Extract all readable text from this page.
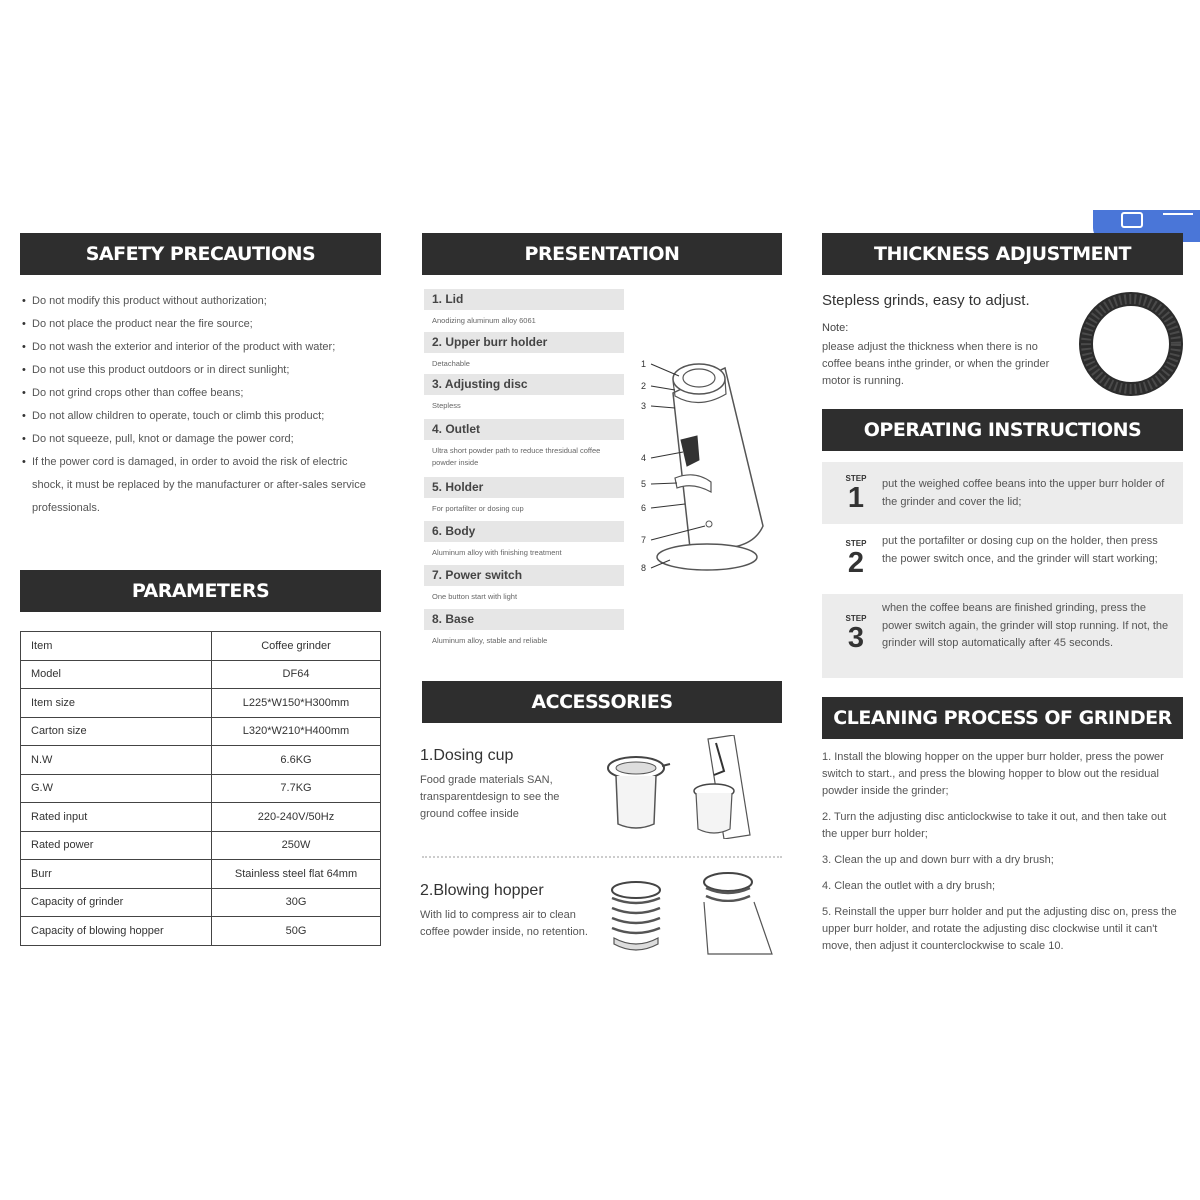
SAFETY PRECAUTIONS
• Do not modify this product without authorization;
• Do not place the product near the fire source;
• Do not wash the exterior and interior of the product with water;
• Do not use this product outdoors or in direct sunlight;
• Do not grind crops other than coffee beans;
• Do not allow children to operate, touch or climb this product;
• Do not squeeze, pull, knot or damage the power cord;
• If the power cord is damaged, in order to avoid the risk of electric shock, it must be replaced by the manufacturer or after-sales service professionals.
PARAMETERS
Item	Coffee grinder
Model	DF64
Item size	L225*W150*H300mm
Carton size	L320*W210*H400mm
N.W	6.6KG
G.W	7.7KG
Rated input	220-240V/50Hz
Rated power	250W
Burr	Stainless steel flat 64mm
Capacity of grinder	30G
Capacity of blowing hopper	50G
PRESENTATION
1. Lid
Anodizing aluminum alloy 6061
2. Upper burr holder
Detachable
3. Adjusting disc
Stepless
4. Outlet
Ultra short powder path to reduce thresidual coffee powder inside
5. Holder
For portafilter or dosing cup
6. Body
Aluminum alloy with finishing treatment
7. Power switch
One button start with light
8. Base
Aluminum alloy, stable and reliable
1
2
3
4
5
6
7
8
ACCESSORIES
1.Dosing cup
Food grade materials SAN, transparentdesign to see the ground coffee inside
2.Blowing hopper
With lid to compress air to clean coffee powder inside, no retention.
THICKNESS ADJUSTMENT
Stepless grinds, easy to adjust.
Note:
please adjust the thickness when there is no coffee beans inthe grinder, or when the grinder motor is running.
OPERATING INSTRUCTIONS
STEP
1	put the weighed coffee beans into the upper burr holder of the grinder and cover the lid;
STEP
2
put the portafilter or dosing cup on the holder, then press the power switch once, and the grinder will start working;
STEP
3
when the coffee beans are finished grinding, press the power switch again, the grinder will stop running. If not, the grinder will stop automatically after 45 seconds.
CLEANING PROCESS OF GRINDER
1. Install the blowing hopper on the upper burr holder, press the power switch to start., and press the blowing hopper to blow out the residual powder inside the grinder;
2. Turn the adjusting disc anticlockwise to take it out, and then take out the upper burr holder;
3. Clean the up and down burr with a dry brush;
4. Clean the outlet with a dry brush;
5. Reinstall the upper burr holder and put the adjusting disc on, press the upper burr holder, and rotate the adjusting disc clockwise until it can't move, then adjust it counterclockwise to scale 10.
